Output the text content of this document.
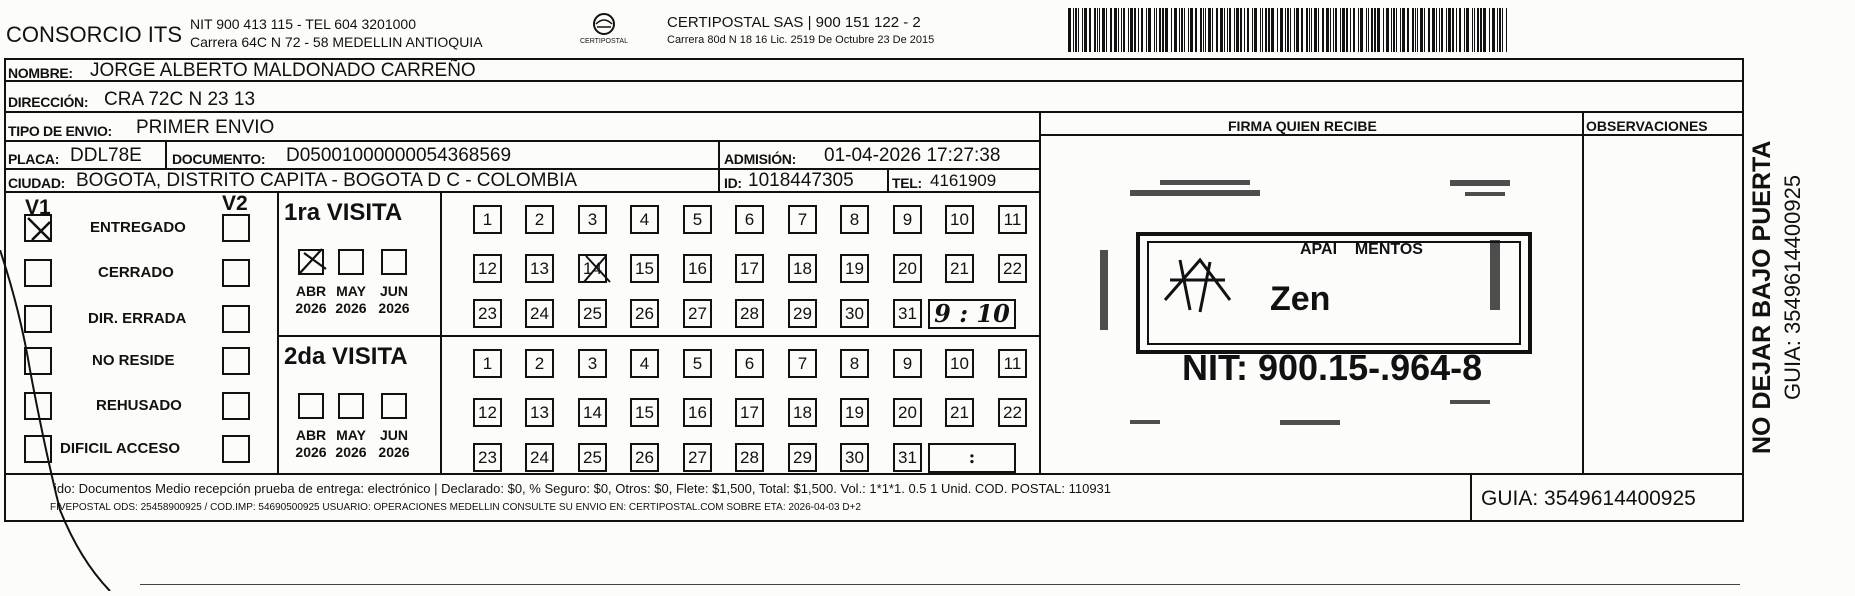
CONSORCIO ITS NIT 900 413 115 - TEL 604 3201000
Carrera 64C N 72 - 58 MEDELLIN ANTIOQUIA	CERTIPOSTAL
CERTIPOSTAL SAS | 900 151 122 - 2
Carrera 80d N 18 16 Lic. 2519 De Octubre 23 De 2015
NOMBRE: JORGE ALBERTO MALDONADO CARREÑO
DIRECCIÓN: CRA 72C N 23 13
TIPO DE ENVIO: PRIMER ENVIO
PLACA: DDL78E DOCUMENTO: D05001000000054368569	ADMISIÓN: 01-04-2026 17:27:38
CIUDAD: BOGOTA, DISTRITO CAPITA - BOGOTA D C - COLOMBIA	ID: 1018447305	TEL: 4161909
FIRMA QUIEN RECIBE	OBSERVACIONES
V1	V2
ENTREGADO
CERRADO
DIR. ERRADA
NO RESIDE
REHUSADO
DIFICIL ACCESO
1ra VISITA
ABR
2026
MAY
2026
JUN
2026
1	2	3	4	5	6	7	8	9	10	11
12 13 14 15 16 17 18 19 20 21 22
23 24 25 26 27 28 29 30 31 9 : 10
2da VISITA
ABR
2026
MAY
2026
JUN
2026
1	2	3	4	5	6	7	8	9	10	11
12 13 14 15 16 17 18 19 20 21 22
23 24 25 26 27 28 29 30 31	:
APAI    MENTOS
Zen
NIT: 900.15-.964-8
ido: Documentos Medio recepción prueba de entrega: electrónico | Declarado: $0, % Seguro: $0, Otros: $0, Flete: $1,500, Total: $1,500. Vol.: 1*1*1. 0.5 1 Unid. COD. POSTAL: 110931
FIVEPOSTAL ODS: 25458900925 / COD.IMP: 54690500925 USUARIO: OPERACIONES MEDELLIN CONSULTE SU ENVIO EN: CERTIPOSTAL.COM SOBRE ETA: 2026-04-03 D+2	GUIA: 3549614400925
NO DEJAR BAJO PUERTA GUIA: 3549614400925
